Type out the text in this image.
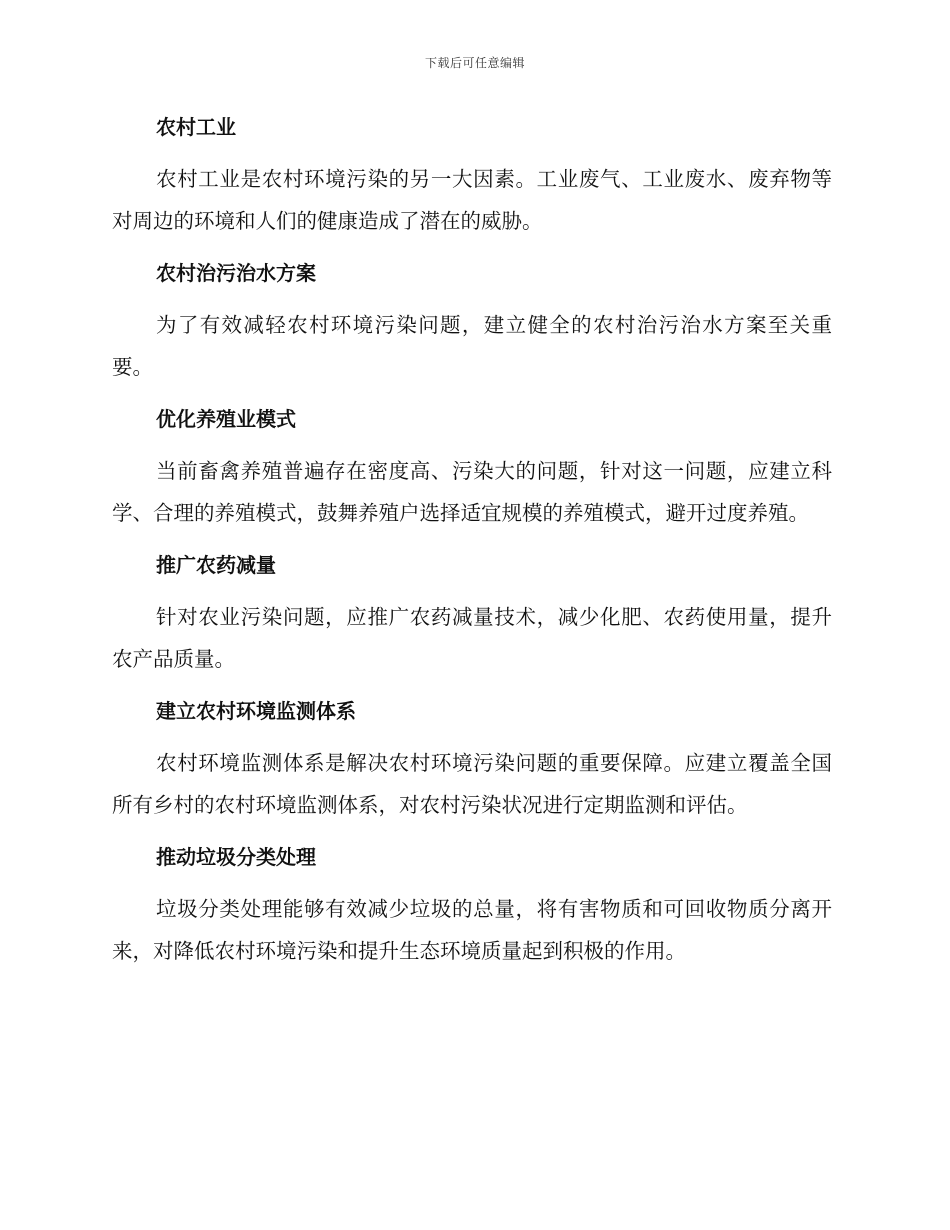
下载后可任意编辑
农村工业

农村工业是农村环境污染的另一大因素。工业废气、工业废水、废弃物等对周边的环境和人们的健康造成了潜在的威胁。

农村治污治水方案

为了有效减轻农村环境污染问题，建立健全的农村治污治水方案至关重要。

优化养殖业模式

当前畜禽养殖普遍存在密度高、污染大的问题，针对这一问题，应建立科学、合理的养殖模式，鼓舞养殖户选择适宜规模的养殖模式，避开过度养殖。

推广农药减量

针对农业污染问题，应推广农药减量技术，减少化肥、农药使用量，提升农产品质量。

建立农村环境监测体系

农村环境监测体系是解决农村环境污染问题的重要保障。应建立覆盖全国所有乡村的农村环境监测体系，对农村污染状况进行定期监测和评估。

推动垃圾分类处理

垃圾分类处理能够有效减少垃圾的总量，将有害物质和可回收物质分离开来，对降低农村环境污染和提升生态环境质量起到积极的作用。
